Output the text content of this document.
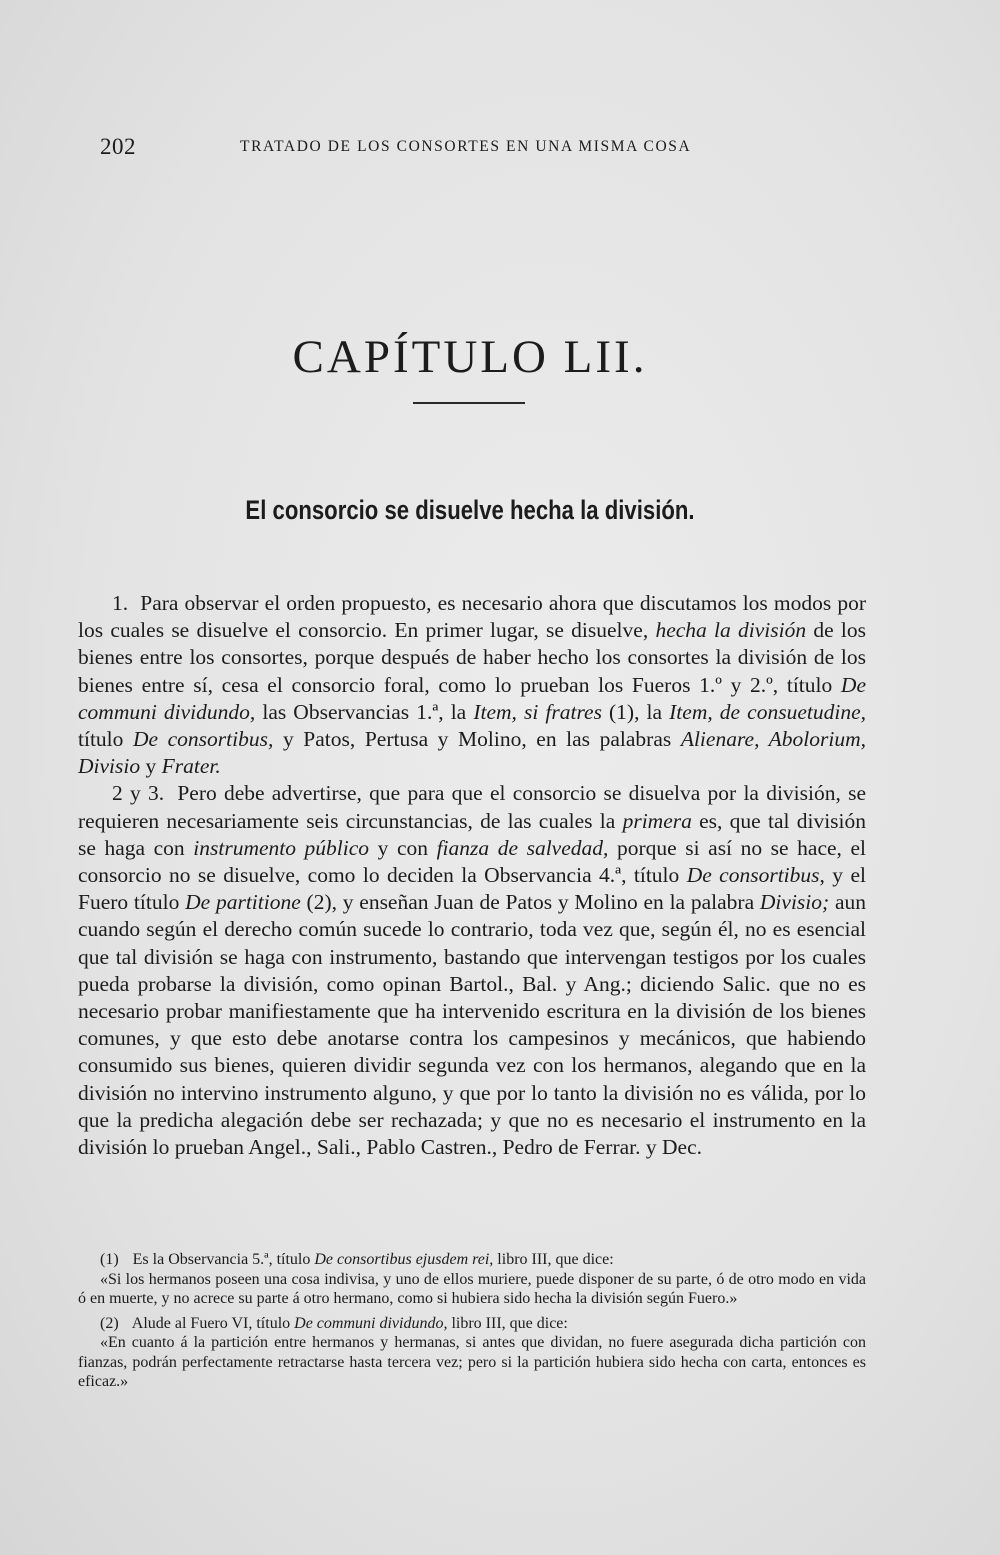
202	TRATADO DE LOS CONSORTES EN UNA MISMA COSA
CAPÍTULO LII.
El consorcio se disuelve hecha la división.

1. Para observar el orden propuesto, es necesario ahora que discutamos los modos por los cuales se disuelve el consorcio. En primer lugar, se disuelve, hecha la división de los bienes entre los consortes, porque después de haber hecho los consortes la división de los bienes entre sí, cesa el consorcio foral, como lo prueban los Fueros 1.º y 2.º, título De communi dividundo, las Observancias 1.ª, la Item, si fratres (1), la Item, de consuetudine, título De consortibus, y Patos, Pertusa y Molino, en las palabras Alienare, Abolorium, Divisio y Frater.

2 y 3. Pero debe advertirse, que para que el consorcio se disuelva por la división, se requieren necesariamente seis circunstancias, de las cuales la primera es, que tal división se haga con instrumento público y con fianza de salvedad, porque si así no se hace, el consorcio no se disuelve, como lo deciden la Observancia 4.ª, título De consortibus, y el Fuero título De partitione (2), y enseñan Juan de Patos y Molino en la palabra Divisio; aun cuando según el derecho común sucede lo contrario, toda vez que, según él, no es esencial que tal división se haga con instrumento, bastando que intervengan testigos por los cuales pueda probarse la división, como opinan Bartol., Bal. y Ang.; diciendo Salic. que no es necesario probar manifiestamente que ha intervenido escritura en la división de los bienes comunes, y que esto debe anotarse contra los campesinos y mecánicos, que habiendo consumido sus bienes, quieren dividir segunda vez con los hermanos, alegando que en la división no intervino instrumento alguno, y que por lo tanto la división no es válida, por lo que la predicha alegación debe ser rechazada; y que no es necesario el instrumento en la división lo prueban Angel., Sali., Pablo Castren., Pedro de Ferrar. y Dec.

(1) Es la Observancia 5.ª, título De consortibus ejusdem rei, libro III, que dice:

«Si los hermanos poseen una cosa indivisa, y uno de ellos muriere, puede disponer de su parte, ó de otro modo en vida ó en muerte, y no acrece su parte á otro hermano, como si hubiera sido hecha la división según Fuero.»

(2) Alude al Fuero VI, título De communi dividundo, libro III, que dice:

«En cuanto á la partición entre hermanos y hermanas, si antes que dividan, no fuere asegurada dicha partición con fianzas, podrán perfectamente retractarse hasta tercera vez; pero si la partición hubiera sido hecha con carta, entonces es eficaz.»
